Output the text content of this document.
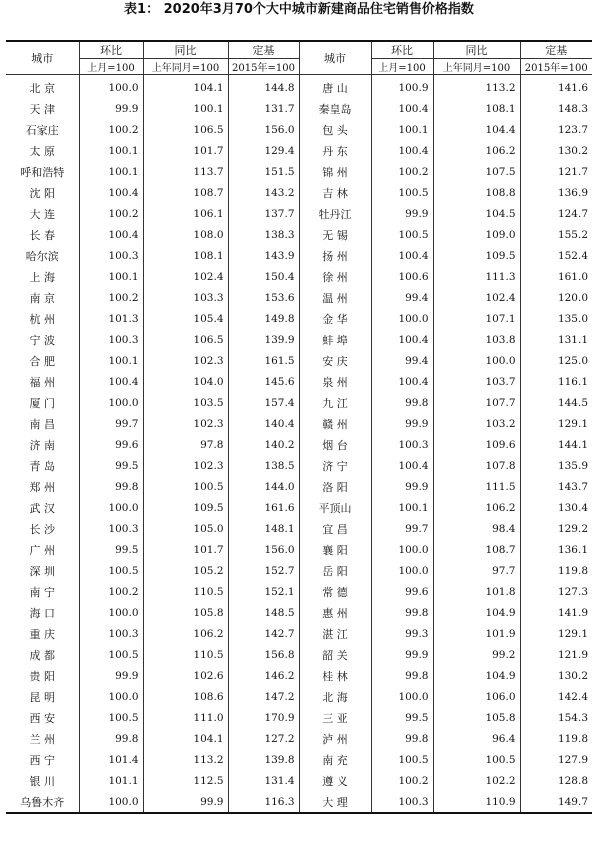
表1： 2020年3月70个大中城市新建商品住宅销售价格指数
城市	环比	同比	定基	城市	环比	同比	定基
	上月=100	上年同月=100	2015年=100		上月=100	上年同月=100	2015年=100
北 京	100.0	104.1	144.8	唐 山	100.9	113.2	141.6
天 津	99.9	100.1	131.7	秦皇岛	100.4	108.1	148.3
石家庄	100.2	106.5	156.0	包 头	100.1	104.4	123.7
太 原	100.1	101.7	129.4	丹 东	100.4	106.2	130.2
呼和浩特	100.1	113.7	151.5	锦 州	100.2	107.5	121.7
沈 阳	100.4	108.7	143.2	吉 林	100.5	108.8	136.9
大 连	100.2	106.1	137.7	牡丹江	99.9	104.5	124.7
长 春	100.4	108.0	138.3	无 锡	100.5	109.0	155.2
哈尔滨	100.3	108.1	143.9	扬 州	100.4	109.5	152.4
上 海	100.1	102.4	150.4	徐 州	100.6	111.3	161.0
南 京	100.2	103.3	153.6	温 州	99.4	102.4	120.0
杭 州	101.3	105.4	149.8	金 华	100.0	107.1	135.0
宁 波	100.3	106.5	139.9	蚌 埠	100.4	103.8	131.1
合 肥	100.1	102.3	161.5	安 庆	99.4	100.0	125.0
福 州	100.4	104.0	145.6	泉 州	100.4	103.7	116.1
厦 门	100.0	103.5	157.4	九 江	99.8	107.7	144.5
南 昌	99.7	102.3	140.4	赣 州	99.9	103.2	129.1
济 南	99.6	97.8	140.2	烟 台	100.3	109.6	144.1
青 岛	99.5	102.3	138.5	济 宁	100.4	107.8	135.9
郑 州	99.8	100.5	144.0	洛 阳	99.9	111.5	143.7
武 汉	100.0	109.5	161.6	平顶山	100.1	106.2	130.4
长 沙	100.3	105.0	148.1	宜 昌	99.7	98.4	129.2
广 州	99.5	101.7	156.0	襄 阳	100.0	108.7	136.1
深 圳	100.5	105.2	152.7	岳 阳	100.0	97.7	119.8
南 宁	100.2	110.5	152.1	常 德	99.6	101.8	127.3
海 口	100.0	105.8	148.5	惠 州	99.8	104.9	141.9
重 庆	100.3	106.2	142.7	湛 江	99.3	101.9	129.1
成 都	100.5	110.5	156.8	韶 关	99.9	99.2	121.9
贵 阳	99.9	102.6	146.2	桂 林	99.8	104.9	130.2
昆 明	100.0	108.6	147.2	北 海	100.0	106.0	142.4
西 安	100.5	111.0	170.9	三 亚	99.5	105.8	154.3
兰 州	99.8	104.1	127.2	泸 州	99.8	96.4	119.8
西 宁	101.4	113.2	139.8	南 充	100.5	100.5	127.9
银 川	101.1	112.5	131.4	遵 义	100.2	102.2	128.8
乌鲁木齐	100.0	99.9	116.3	大 理	100.3	110.9	149.7
